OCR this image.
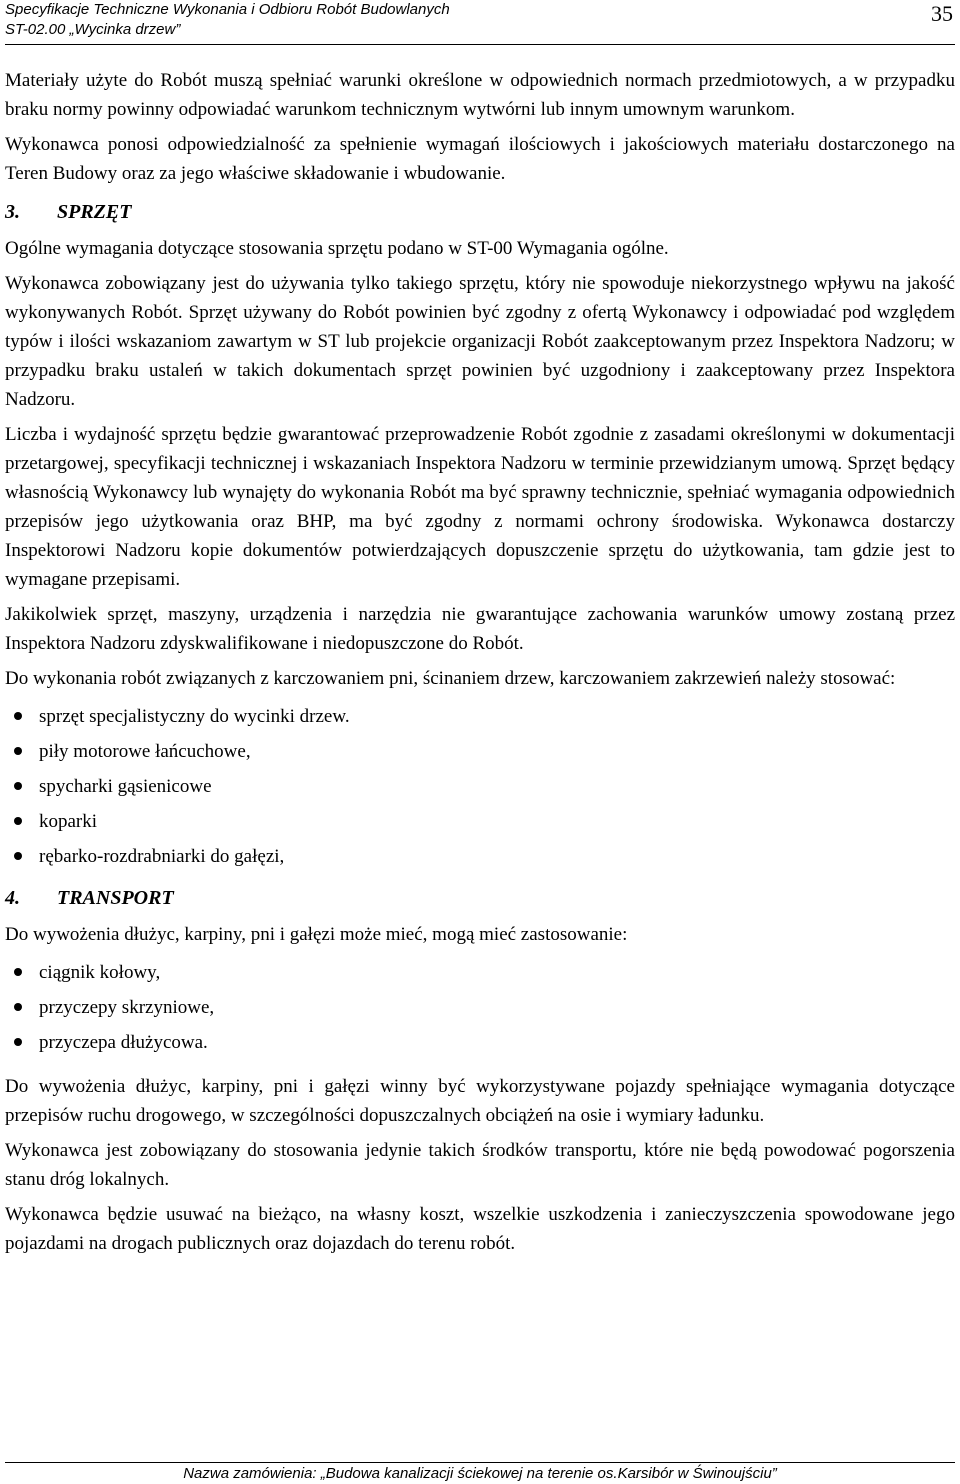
Specyfikacje Techniczne Wykonania i Odbioru Robót Budowlanych
ST-02.00 „Wycinka drzew”
35

Materiały użyte do Robót muszą spełniać warunki określone w odpowiednich normach przedmiotowych, a w przypadku braku normy powinny odpowiadać warunkom technicznym wytwórni lub innym umownym warunkom.

Wykonawca ponosi odpowiedzialność za spełnienie wymagań ilościowych i jakościowych materiału dostarczonego na Teren Budowy oraz za jego właściwe składowanie i wbudowanie.

3.	SPRZĘT

Ogólne wymagania dotyczące stosowania sprzętu podano w ST-00 Wymagania ogólne.

Wykonawca zobowiązany jest do używania tylko takiego sprzętu, który nie spowoduje niekorzystnego wpływu na jakość wykonywanych Robót. Sprzęt używany do Robót powinien być zgodny z ofertą Wykonawcy i odpowiadać pod względem typów i ilości wskazaniom zawartym w ST lub projekcie organizacji Robót zaakceptowanym przez Inspektora Nadzoru; w przypadku braku ustaleń w takich dokumentach sprzęt powinien być uzgodniony i zaakceptowany przez Inspektora Nadzoru.

Liczba i wydajność sprzętu będzie gwarantować przeprowadzenie Robót zgodnie z zasadami określonymi w dokumentacji przetargowej, specyfikacji technicznej i wskazaniach Inspektora Nadzoru w terminie przewidzianym umową. Sprzęt będący własnością Wykonawcy lub wynajęty do wykonania Robót ma być sprawny technicznie, spełniać wymagania odpowiednich przepisów jego użytkowania oraz BHP, ma być zgodny z normami ochrony środowiska. Wykonawca dostarczy Inspektorowi Nadzoru kopie dokumentów potwierdzających dopuszczenie sprzętu do użytkowania, tam gdzie jest to wymagane przepisami.

Jakikolwiek sprzęt, maszyny, urządzenia i narzędzia nie gwarantujące zachowania warunków umowy zostaną przez Inspektora Nadzoru zdyskwalifikowane i niedopuszczone do Robót.

Do wykonania robót związanych z karczowaniem pni, ścinaniem drzew, karczowaniem zakrzewień należy stosować:

sprzęt specjalistyczny do wycinki drzew.
piły motorowe łańcuchowe,
spycharki gąsienicowe
koparki
rębarko-rozdrabniarki do gałęzi,
4.	TRANSPORT

Do wywożenia dłużyc, karpiny, pni i gałęzi może mieć, mogą mieć zastosowanie:

ciągnik kołowy,
przyczepy skrzyniowe,
przyczepa dłużycowa.

Do wywożenia dłużyc, karpiny, pni i gałęzi winny być wykorzystywane pojazdy spełniające wymagania dotyczące przepisów ruchu drogowego, w szczególności dopuszczalnych obciążeń na osie i wymiary ładunku.

Wykonawca jest zobowiązany do stosowania jedynie takich środków transportu, które nie będą powodować pogorszenia stanu dróg lokalnych.

Wykonawca będzie usuwać na bieżąco, na własny koszt, wszelkie uszkodzenia i zanieczyszczenia spowodowane jego pojazdami na drogach publicznych oraz dojazdach do terenu robót.

Nazwa zamówienia: „Budowa kanalizacji ściekowej na terenie os.Karsibór w Świnoujściu”
